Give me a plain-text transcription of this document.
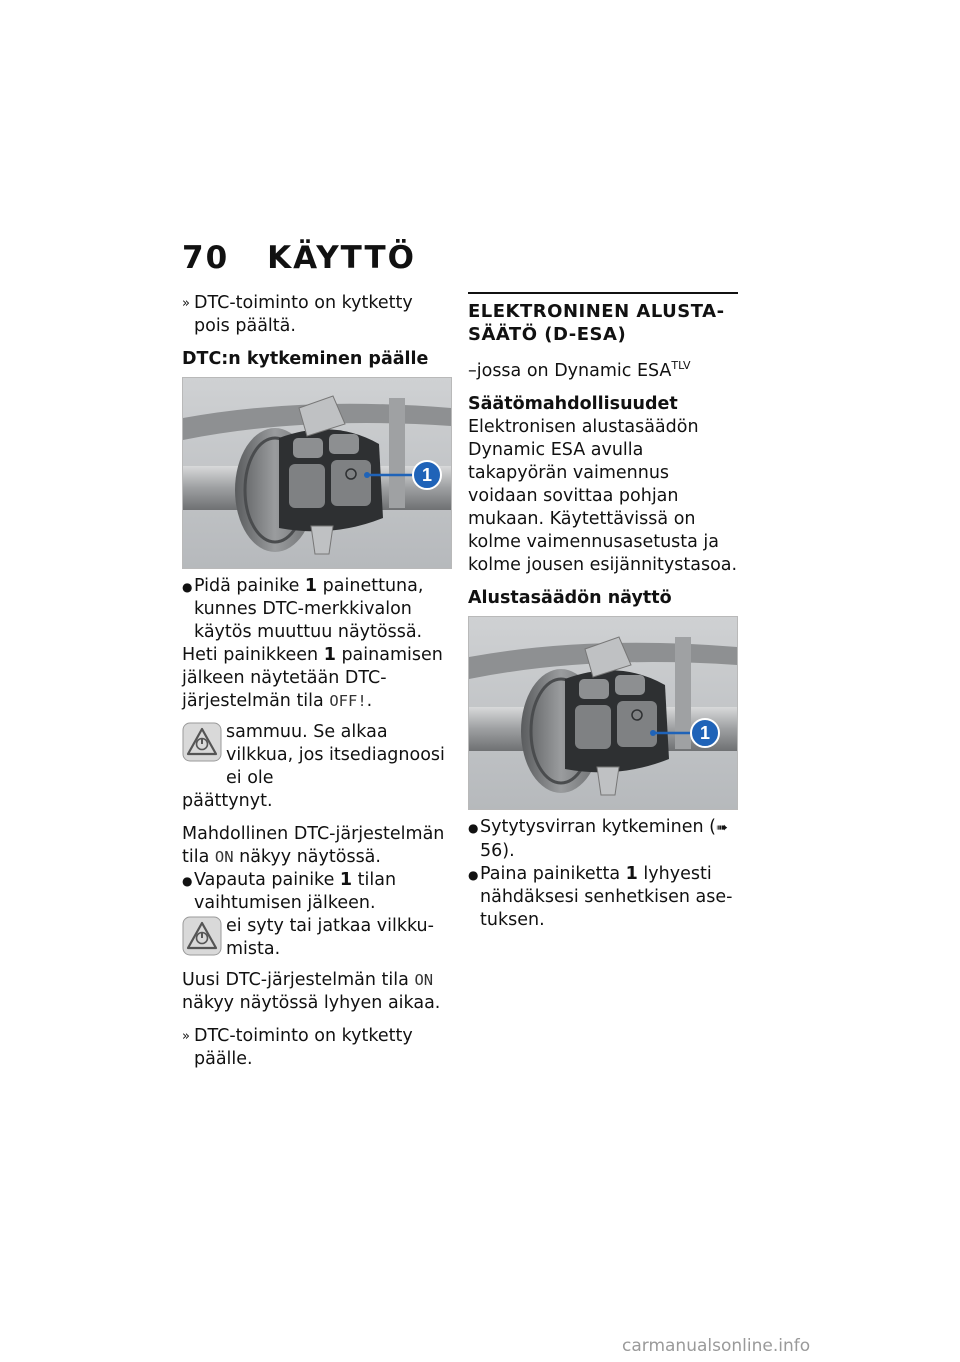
70 KÄYTTÖ

» DTC-toiminto on kytketty pois päältä.

DTC:n kytkeminen päälle

1

● Pidä painike 1 painettuna, kunnes DTC-merkkivalon käytös muuttuu näytössä.

Heti painikkeen 1 painamisen jälkeen näytetään DTC-järjestelmän tila OFF!.

sammuu. Se alkaa vilkkua, jos itsediagnoosi ei ole
päättynyt.

Mahdollinen DTC-järjestelmän tila ON näkyy näytössä.

● Vapauta painike 1 tilan vaihtumisen jälkeen.

ei syty tai jatkaa vilkkumista.

Uusi DTC-järjestelmän tila ON näkyy näytössä lyhyen aikaa.

» DTC-toiminto on kytketty päälle.

ELEKTRONINEN ALUSTASÄÄTÖ (D-ESA)

–jossa on Dynamic $ESA^{TLV}$

Säätömahdollisuudet

Elektronisen alustasäädön Dynamic ESA avulla takapyörän vaimennus voidaan sovittaa pohjan mukaan. Käytettävissä on kolme vaimennusasetusta ja kolme jousen esijännitystasoa.

Alustasäädön näyttö

1

● Sytytysvirran kytkeminen (➠ 56).

● Paina painiketta 1 lyhyesti nähdäksesi senhetkisen asetuksen.

carmanualsonline.info
